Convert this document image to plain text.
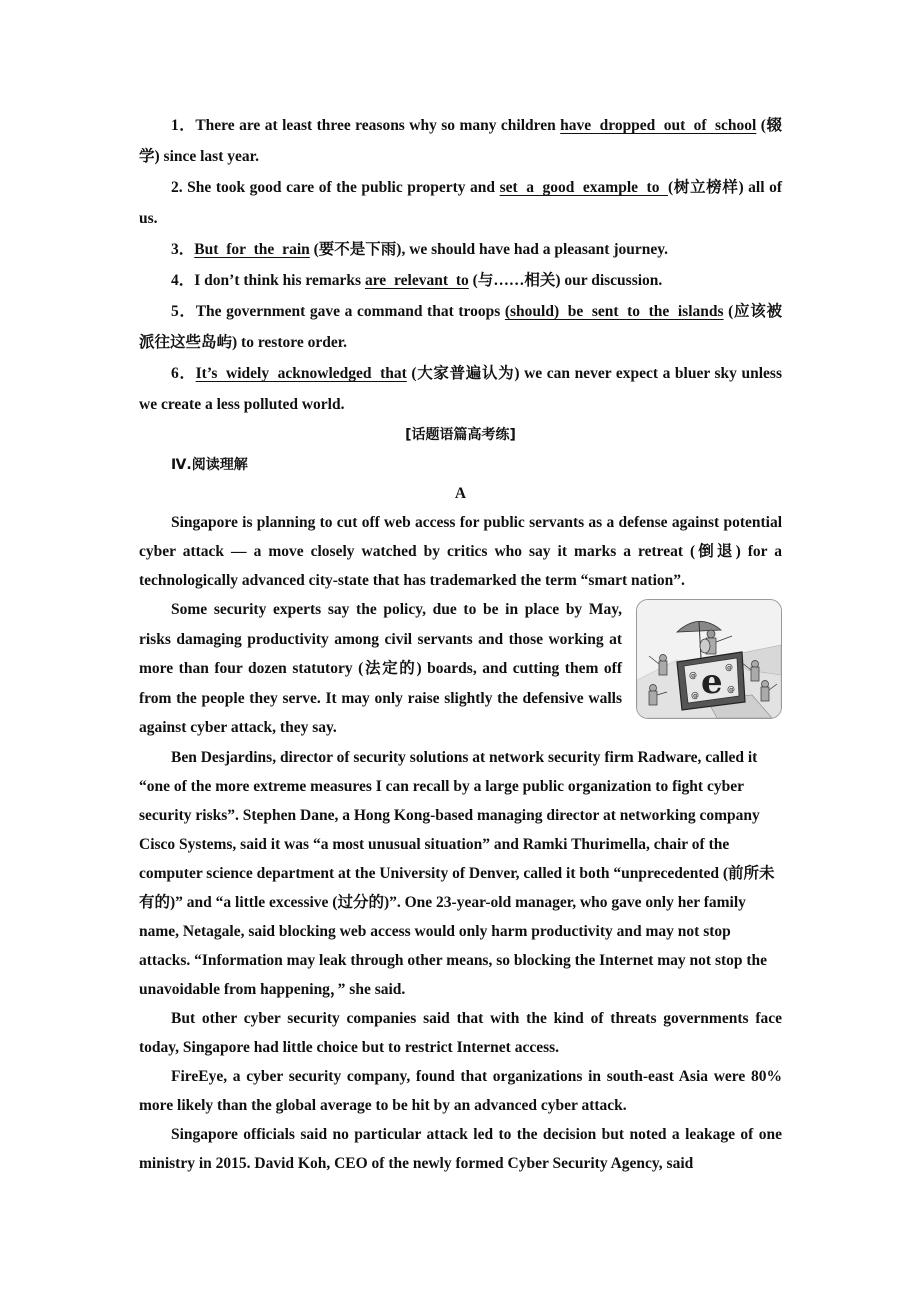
1．There are at least three reasons why so many children have dropped out of school (辍学) since last year.

2. She took good care of the public property and set a good example to (树立榜样) all of us.

3．But for the rain (要不是下雨), we should have had a pleasant journey.

4．I don’t think his remarks are relevant to (与……相关) our discussion.

5．The government gave a command that troops (should) be sent to the islands (应该被派往这些岛屿) to restore order.

6．It’s widely acknowledged that (大家普遍认为) we can never expect a bluer sky unless we create a less polluted world.

[话题语篇高考练]
Ⅳ.阅读理解
A

Singapore is planning to cut off web access for public servants as a defense against potential cyber attack — a move closely watched by critics who say it marks a retreat (倒退) for a technologically advanced city-state that has trademarked the term “smart nation”.

e
@
@
@
@

Some security experts say the policy, due to be in place by May, risks damaging productivity among civil servants and those working at more than four dozen statutory (法定的) boards, and cutting them off from the people they serve. It may only raise slightly the defensive walls against cyber attack, they say.

Ben Desjardins, director of security solutions at network security firm Radware, called it “one of the more extreme measures I can recall by a large public organization to fight cyber security risks”. Stephen Dane, a Hong Kong-based managing director at networking company Cisco Systems, said it was “a most unusual situation” and Ramki Thurimella, chair of the computer science department at the University of Denver, called it both “unprecedented (前所未有的)” and “a little excessive (过分的)”. One 23-year-old manager, who gave only her family name, Netagale, said blocking web access would only harm productivity and may not stop attacks. “Information may leak through other means, so blocking the Internet may not stop the unavoidable from happening，” she said.

But other cyber security companies said that with the kind of threats governments face today, Singapore had little choice but to restrict Internet access.

FireEye, a cyber security company, found that organizations in south-east Asia were 80% more likely than the global average to be hit by an advanced cyber attack.

Singapore officials said no particular attack led to the decision but noted a leakage of one ministry in 2015. David Koh, CEO of the newly formed Cyber Security Agency, said
